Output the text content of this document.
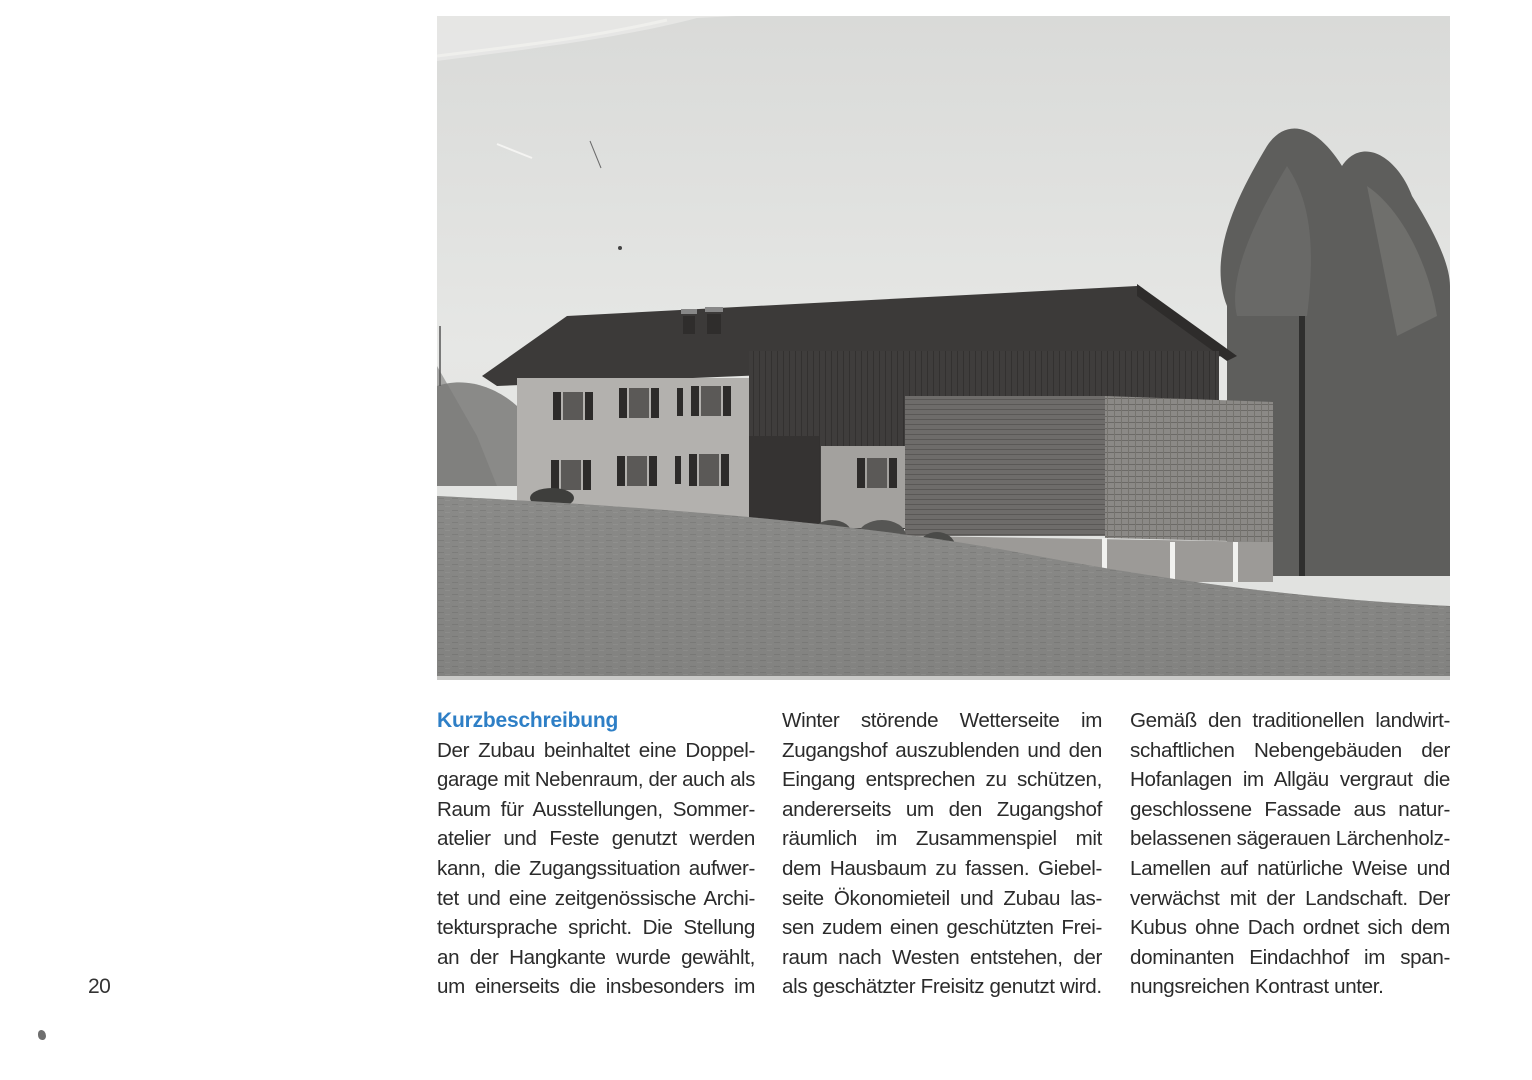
Kurzbeschreibung
Der Zubau beinhaltet eine Doppel-
garage mit Nebenraum, der auch als
Raum für Ausstellungen, Sommer-
atelier und Feste genutzt werden
kann, die Zugangssituation aufwer-
tet und eine zeitgenössische Archi-
tektursprache spricht. Die Stellung
an der Hangkante wurde gewählt,
um einerseits die insbesonders im
Winter störende Wetterseite im
Zugangshof auszublenden und den
Eingang entsprechen zu schützen,
andererseits um den Zugangshof
räumlich im Zusammenspiel mit
dem Hausbaum zu fassen. Giebel-
seite Ökonomieteil und Zubau las-
sen zudem einen geschützten Frei-
raum nach Westen entstehen, der
als geschätzter Freisitz genutzt wird.
Gemäß den traditionellen landwirt-
schaftlichen Nebengebäuden der
Hofanlagen im Allgäu vergraut die
geschlossene Fassade aus natur-
belassenen sägerauen Lärchenholz-
Lamellen auf natürliche Weise und
verwächst mit der Landschaft. Der
Kubus ohne Dach ordnet sich dem
dominanten Eindachhof im span-
nungsreichen Kontrast unter.
20
